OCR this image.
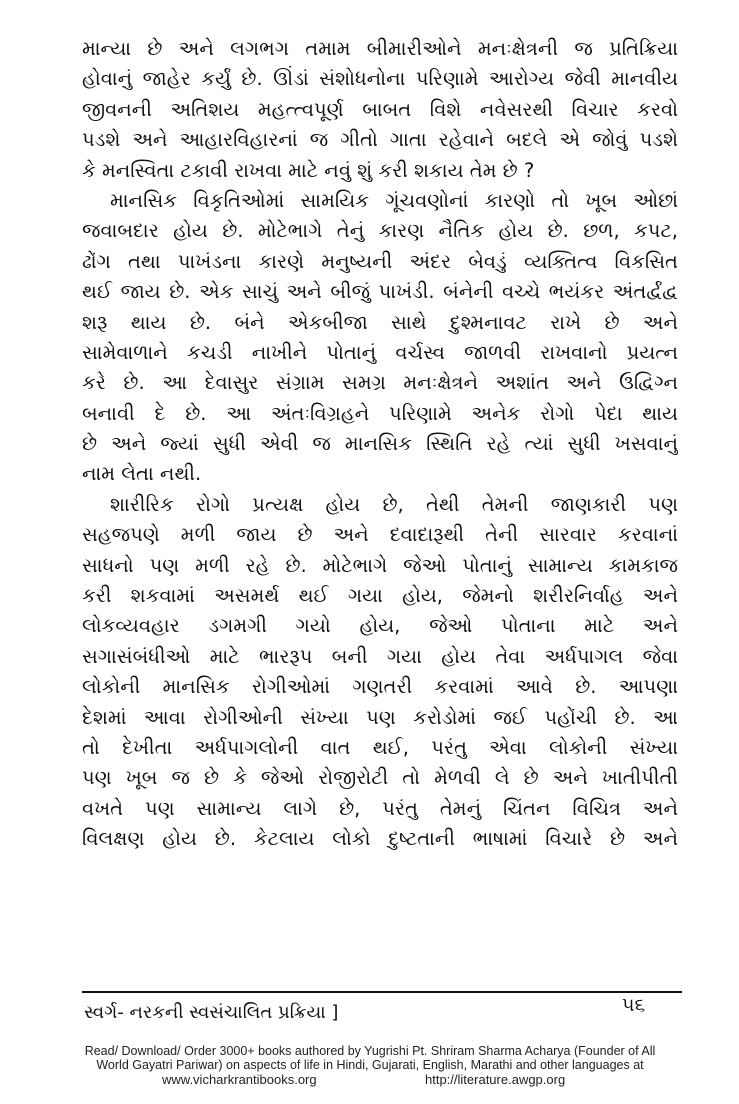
માન્યા છે અને લગભગ તમામ બીમારીઓને મનઃક્ષેત્રની જ પ્રતિક્રિયા
હોવાનું જાહેર કર્યું છે. ઊંડાં સંશોધનોના પરિણામે આરોગ્ય જેવી માનવીય
જીવનની અતિશય મહત્ત્વપૂર્ણ બાબત વિશે નવેસરથી વિચાર કરવો
પડશે અને આહારવિહારનાં જ ગીતો ગાતા રહેવાને બદલે એ જોવું પડશે
કે મનસ્વિતા ટકાવી રાખવા માટે નવું શું કરી શકાય તેમ છે ?
માનસિક વિકૃતિઓમાં સામયિક ગૂંચવણોનાં કારણો તો ખૂબ ઓછાં
જવાબદાર હોય છે. મોટેભાગે તેનું કારણ નૈતિક હોય છે. છળ, કપટ,
ઢોંગ તથા પાખંડના કારણે મનુષ્યની અંદર બેવડું વ્યક્તિત્વ વિકસિત
થઈ જાય છે. એક સાચું અને બીજું પાખંડી. બંનેની વચ્ચે ભયંકર અંતર્દ્વંદ્વ
શરૂ થાય છે. બંને એકબીજા સાથે દુશ્મનાવટ રાખે છે અને
સામેવાળાને કચડી નાખીને પોતાનું વર્ચસ્વ જાળવી રાખવાનો પ્રયત્ન
કરે છે. આ દેવાસુર સંગ્રામ સમગ્ર મનઃક્ષેત્રને અશાંત અને ઉદ્વિગ્ન
બનાવી દે છે. આ અંતઃવિગ્રહને પરિણામે અનેક રોગો પેદા થાય
છે અને જ્યાં સુધી એવી જ માનસિક સ્થિતિ રહે ત્યાં સુધી ખસવાનું
નામ લેતા નથી.
શારીરિક રોગો પ્રત્યક્ષ હોય છે, તેથી તેમની જાણકારી પણ
સહજપણે મળી જાય છે અને દવાદારૂથી તેની સારવાર કરવાનાં
સાધનો પણ મળી રહે છે. મોટેભાગે જેઓ પોતાનું સામાન્ય કામકાજ
કરી શકવામાં અસમર્થ થઈ ગયા હોય, જેમનો શરીરનિર્વાહ અને
લોકવ્યવહાર ડગમગી ગયો હોય, જેઓ પોતાના માટે અને
સગાસંબંધીઓ માટે ભારરૂપ બની ગયા હોય તેવા અર્ધપાગલ જેવા
લોકોની માનસિક રોગીઓમાં ગણતરી કરવામાં આવે છે. આપણા
દેશમાં આવા રોગીઓની સંખ્યા પણ કરોડોમાં જઈ પહોંચી છે. આ
તો દેખીતા અર્ધપાગલોની વાત થઈ, પરંતુ એવા લોકોની સંખ્યા
પણ ખૂબ જ છે કે જેઓ રોજીરોટી તો મેળવી લે છે અને ખાતીપીતી
વખતે પણ સામાન્ય લાગે છે, પરંતુ તેમનું ચિંતન વિચિત્ર અને
વિલક્ષણ હોય છે. કેટલાય લોકો દુષ્ટતાની ભાષામાં વિચારે છે અને
સ્વર્ગ- નરકની સ્વસંચાલિત પ્રક્રિયા ]	૫૬
Read/ Download/ Order 3000+ books authored by Yugrishi Pt. Shriram Sharma Acharya (Founder of All
World Gayatri Pariwar) on aspects of life in Hindi, Gujarati, English, Marathi and other languages at
www.vicharkrantibooks.org	http://literature.awgp.org
